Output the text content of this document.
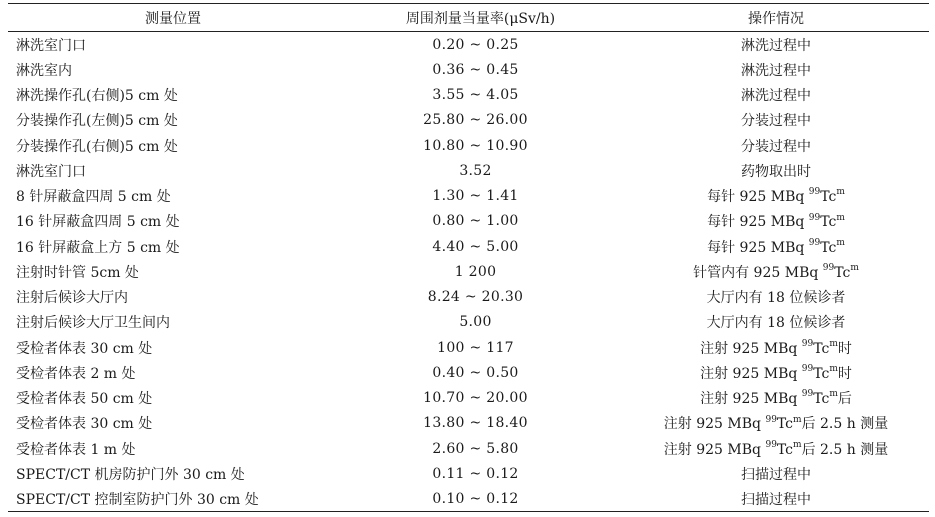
测量位置	周围剂量当量率(μSv/h)	操作情况
淋洗室门口	0.20 ~ 0.25	淋洗过程中
淋洗室内	0.36 ~ 0.45	淋洗过程中
淋洗操作孔(右侧)5 cm 处	3.55 ~ 4.05	淋洗过程中
分装操作孔(左侧)5 cm 处	25.80 ~ 26.00	分装过程中
分装操作孔(右侧)5 cm 处	10.80 ~ 10.90	分装过程中
淋洗室门口	3.52	药物取出时
8 针屏蔽盒四周 5 cm 处	1.30 ~ 1.41	每针 925 MBq $^{99}$Tc$^m$
16 针屏蔽盒四周 5 cm 处	0.80 ~ 1.00	每针 925 MBq $^{99}$Tc$^m$
16 针屏蔽盒上方 5 cm 处	4.40 ~ 5.00	每针 925 MBq $^{99}$Tc$^m$
注射时针管 5cm 处	1 200	针管内有 925 MBq $^{99}$Tc$^m$
注射后候诊大厅内	8.24 ~ 20.30	大厅内有 18 位候诊者
注射后候诊大厅卫生间内	5.00	大厅内有 18 位候诊者
受检者体表 30 cm 处	100 ~ 117	注射 925 MBq $^{99}$Tc$^m$时
受检者体表 2 m 处	0.40 ~ 0.50	注射 925 MBq $^{99}$Tc$^m$时
受检者体表 50 cm 处	10.70 ~ 20.00	注射 925 MBq $^{99}$Tc$^m$后
受检者体表 30 cm 处	13.80 ~ 18.40	注射 925 MBq $^{99}$Tc$^m$后 2.5 h 测量
受检者体表 1 m 处	2.60 ~ 5.80	注射 925 MBq $^{99}$Tc$^m$后 2.5 h 测量
SPECT/CT 机房防护门外 30 cm 处	0.11 ~ 0.12	扫描过程中
SPECT/CT 控制室防护门外 30 cm 处	0.10 ~ 0.12	扫描过程中
